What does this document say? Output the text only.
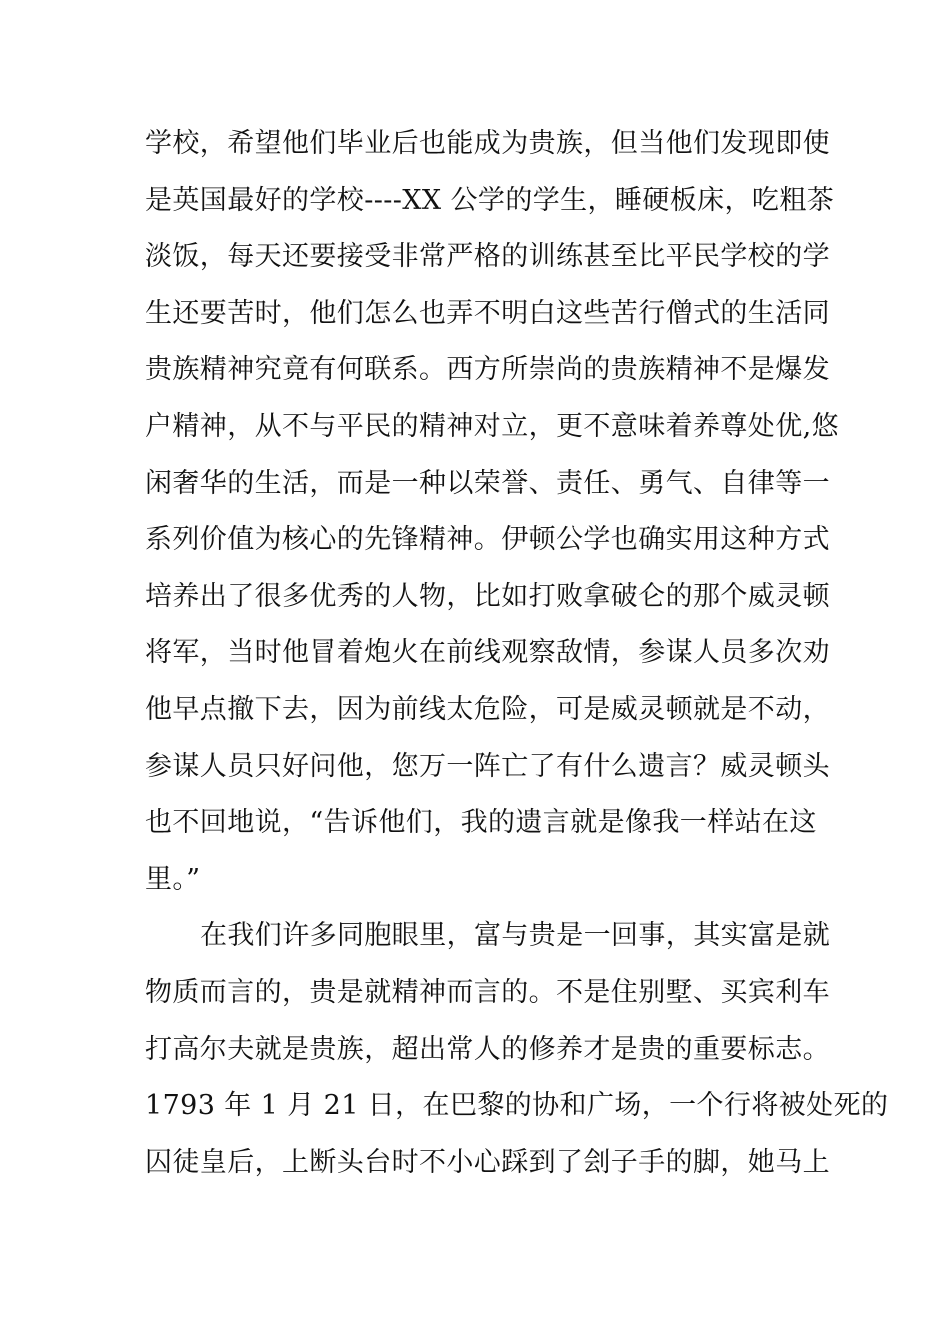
学校，希望他们毕业后也能成为贵族，但当他们发现即使
是英国最好的学校----XX 公学的学生，睡硬板床，吃粗茶
淡饭，每天还要接受非常严格的训练甚至比平民学校的学
生还要苦时，他们怎么也弄不明白这些苦行僧式的生活同
贵族精神究竟有何联系。西方所崇尚的贵族精神不是爆发
户精神，从不与平民的精神对立，更不意味着养尊处优,悠
闲奢华的生活，而是一种以荣誉、责任、勇气、自律等一
系列价值为核心的先锋精神。伊顿公学也确实用这种方式
培养出了很多优秀的人物，比如打败拿破仑的那个威灵顿
将军，当时他冒着炮火在前线观察敌情，参谋人员多次劝
他早点撤下去，因为前线太危险，可是威灵顿就是不动，
参谋人员只好问他，您万一阵亡了有什么遗言？威灵顿头
也不回地说，“告诉他们，我的遗言就是像我一样站在这
里。”
在我们许多同胞眼里，富与贵是一回事，其实富是就
物质而言的，贵是就精神而言的。不是住别墅、买宾利车
打高尔夫就是贵族，超出常人的修养才是贵的重要标志。
1793 年 1 月 21 日，在巴黎的协和广场，一个行将被处死的
囚徒皇后，上断头台时不小心踩到了刽子手的脚，她马上
